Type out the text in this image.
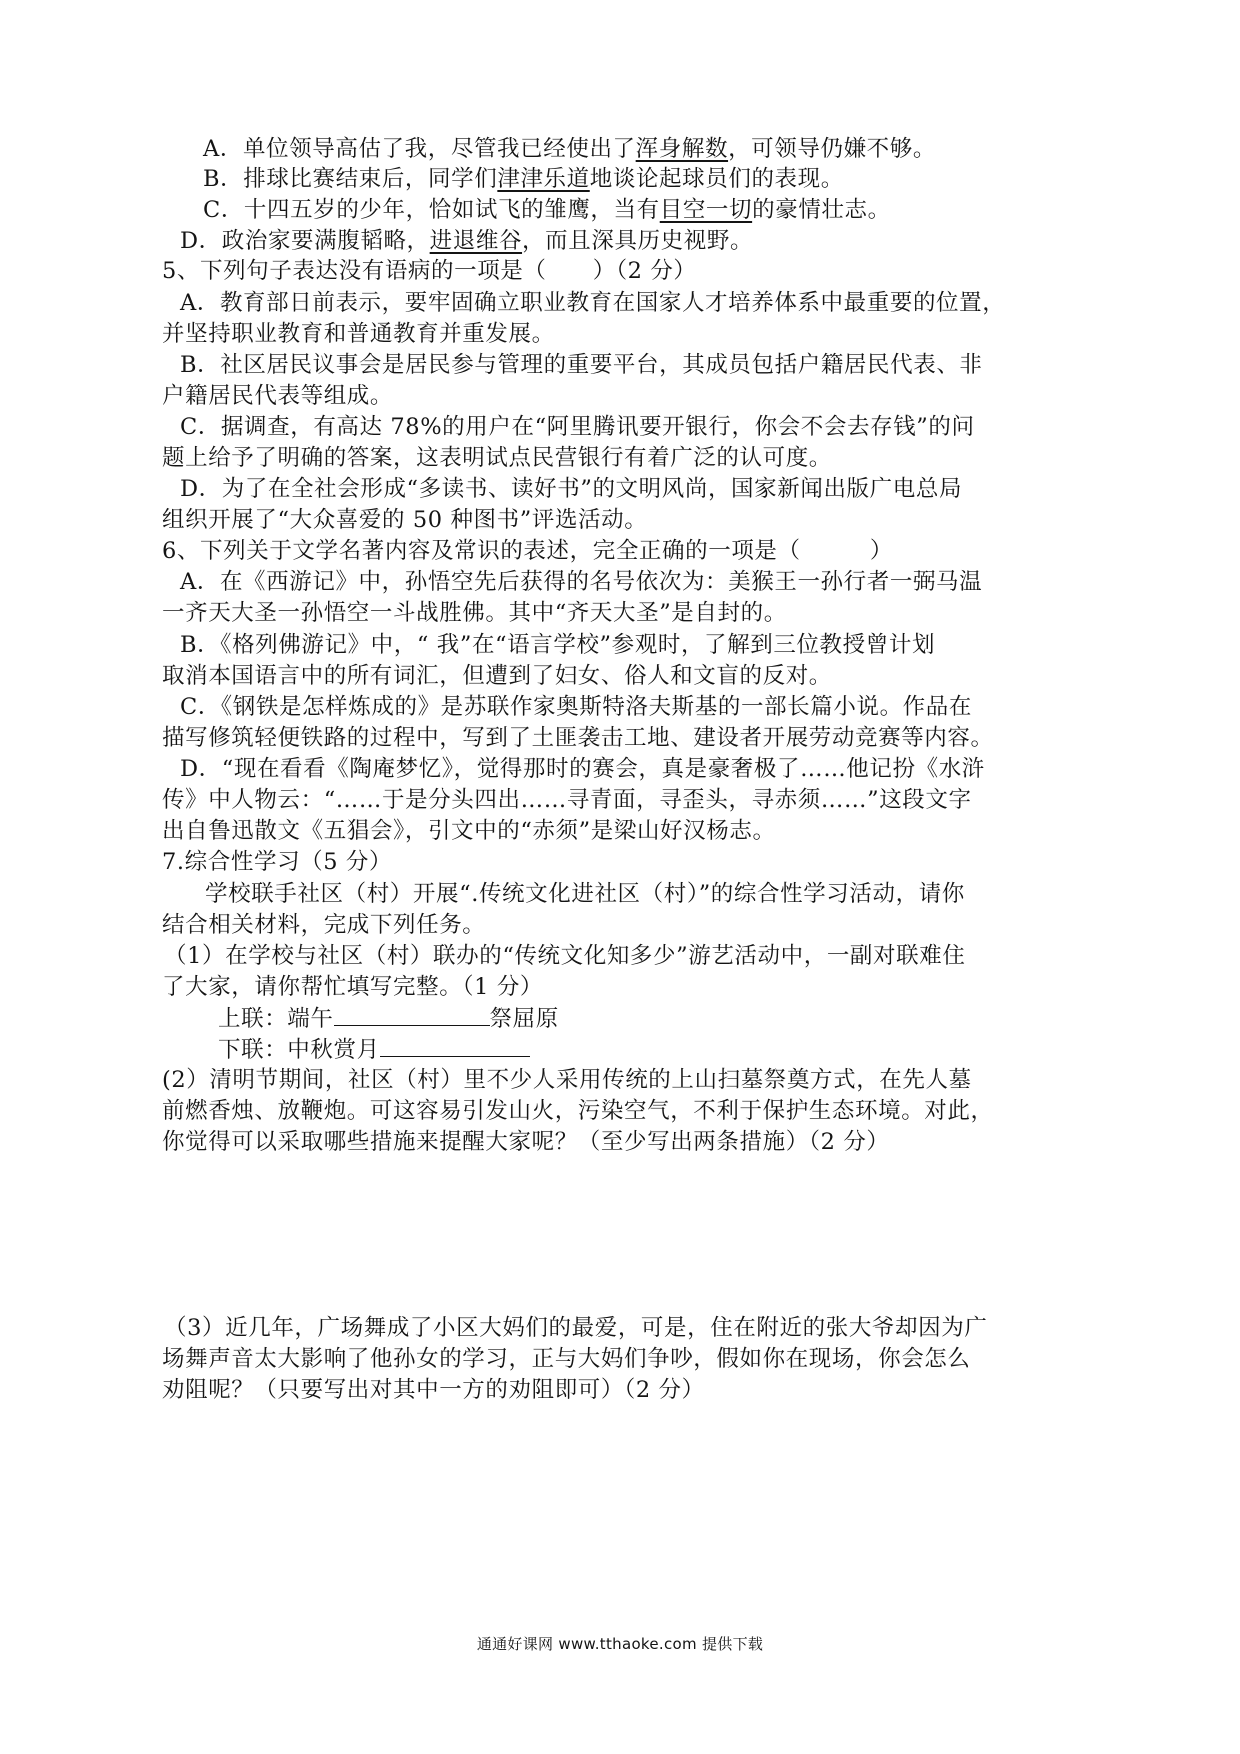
A．单位领导高估了我，尽管我已经使出了浑身解数，可领导仍嫌不够。
B．排球比赛结束后，同学们津津乐道地谈论起球员们的表现。
C．十四五岁的少年，恰如试飞的雏鹰，当有目空一切的豪情壮志。
D．政治家要满腹韬略，进退维谷，而且深具历史视野。
5、下列句子表达没有语病的一项是（　　）（2 分）
A．教育部日前表示，要牢固确立职业教育在国家人才培养体系中最重要的位置，
并坚持职业教育和普通教育并重发展。
B．社区居民议事会是居民参与管理的重要平台，其成员包括户籍居民代表、非
户籍居民代表等组成。
C．据调查，有高达 78%的用户在“阿里腾讯要开银行，你会不会去存钱”的问
题上给予了明确的答案，这表明试点民营银行有着广泛的认可度。
D．为了在全社会形成“多读书、读好书”的文明风尚，国家新闻出版广电总局
组织开展了“大众喜爱的 50 种图书”评选活动。
6、下列关于文学名著内容及常识的表述，完全正确的一项是（　　　）
A．在《西游记》中，孙悟空先后获得的名号依次为：美猴王一孙行者一弼马温
一齐天大圣一孙悟空一斗战胜佛。其中“齐天大圣”是自封的。
B．《格列佛游记》中，“ 我”在“语言学校”参观时，了解到三位教授曾计划
取消本国语言中的所有词汇，但遭到了妇女、俗人和文盲的反对。
C．《钢铁是怎样炼成的》是苏联作家奥斯特洛夫斯基的一部长篇小说。作品在
描写修筑轻便铁路的过程中，写到了土匪袭击工地、建设者开展劳动竞赛等内容。
D．“现在看看《陶庵梦忆》，觉得那时的赛会，真是豪奢极了……他记扮《水浒
传》中人物云：“……于是分头四出……寻青面，寻歪头，寻赤须……”这段文字
出自鲁迅散文《五猖会》，引文中的“赤须”是梁山好汉杨志。
7.综合性学习（5 分）
学校联手社区（村）开展“.传统文化进社区（村）”的综合性学习活动，请你
结合相关材料，完成下列任务。
（1）在学校与社区（村）联办的“传统文化知多少”游艺活动中，一副对联难住
了大家，请你帮忙填写完整。（1 分）
上联：端午	祭屈原
下联：中秋赏月
(2）清明节期间，社区（村）里不少人采用传统的上山扫墓祭奠方式，在先人墓
前燃香烛、放鞭炮。可这容易引发山火，污染空气，不利于保护生态环境。对此，
你觉得可以采取哪些措施来提醒大家呢？（至少写出两条措施）（2 分）
（3）近几年，广场舞成了小区大妈们的最爱，可是，住在附近的张大爷却因为广
场舞声音太大影响了他孙女的学习，正与大妈们争吵，假如你在现场，你会怎么
劝阻呢？（只要写出对其中一方的劝阻即可）（2 分）
通通好课网 www.tthaoke.com 提供下载
